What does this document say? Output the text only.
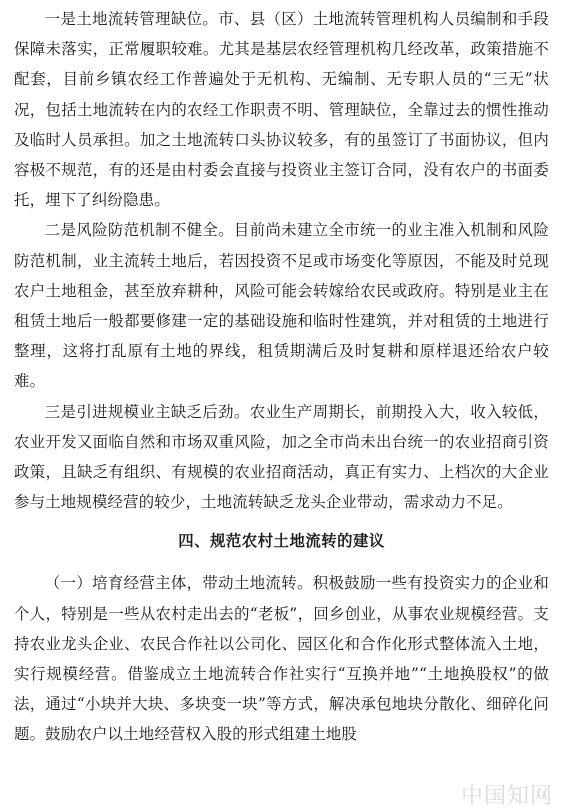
一是土地流转管理缺位。市、县（区）土地流转管理机构人员编制和手段保障未落实，正常履职较难。尤其是基层农经管理机构几经改革，政策措施不配套，目前乡镇农经工作普遍处于无机构、无编制、无专职人员的“三无”状况，包括土地流转在内的农经工作职责不明、管理缺位，全靠过去的惯性推动及临时人员承担。加之土地流转口头协议较多，有的虽签订了书面协议，但内容极不规范，有的还是由村委会直接与投资业主签订合同，没有农户的书面委托，埋下了纠纷隐患。

二是风险防范机制不健全。目前尚未建立全市统一的业主准入机制和风险防范机制，业主流转土地后，若因投资不足或市场变化等原因，不能及时兑现农户土地租金，甚至放弃耕种，风险可能会转嫁给农民或政府。特别是业主在租赁土地后一般都要修建一定的基础设施和临时性建筑，并对租赁的土地进行整理，这将打乱原有土地的界线，租赁期满后及时复耕和原样退还给农户较难。

三是引进规模业主缺乏后劲。农业生产周期长，前期投入大，收入较低，农业开发又面临自然和市场双重风险，加之全市尚未出台统一的农业招商引资政策，且缺乏有组织、有规模的农业招商活动，真正有实力、上档次的大企业参与土地规模经营的较少，土地流转缺乏龙头企业带动，需求动力不足。

四、规范农村土地流转的建议

（一）培育经营主体，带动土地流转。积极鼓励一些有投资实力的企业和个人，特别是一些从农村走出去的“老板”，回乡创业，从事农业规模经营。支持农业龙头企业、农民合作社以公司化、园区化和合作化形式整体流入土地，实行规模经营。借鉴成立土地流转合作社实行“互换并地”“土地换股权”的做法，通过“小块并大块、多块变一块”等方式，解决承包地块分散化、细碎化问题。鼓励农户以土地经营权入股的形式组建土地股

中国知网
